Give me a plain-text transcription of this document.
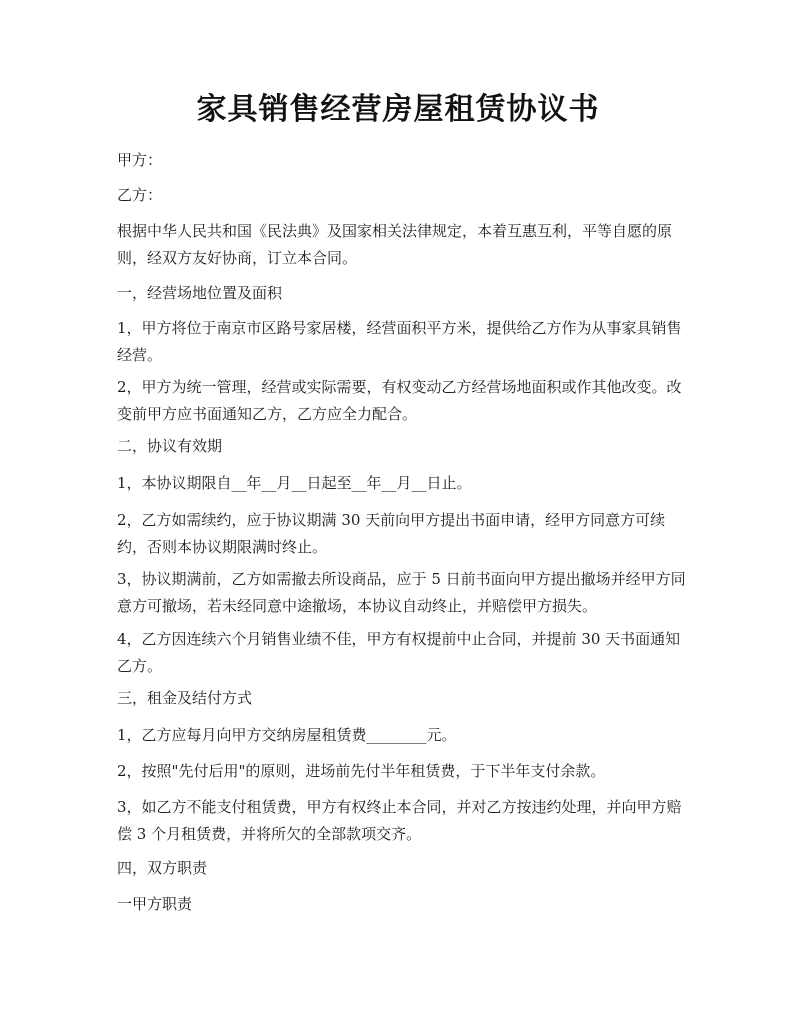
家具销售经营房屋租赁协议书

甲方：

乙方：

根据中华人民共和国《民法典》及国家相关法律规定，本着互惠互利，平等自愿的原则，经双方友好协商，订立本合同。

一，经营场地位置及面积

1，甲方将位于南京市区路号家居楼，经营面积平方米，提供给乙方作为从事家具销售经营。

2，甲方为统一管理，经营或实际需要，有权变动乙方经营场地面积或作其他改变。改变前甲方应书面通知乙方，乙方应全力配合。

二，协议有效期

1，本协议期限自__年__月__日起至__年__月__日止。

2，乙方如需续约，应于协议期满 30 天前向甲方提出书面申请，经甲方同意方可续约，否则本协议期限满时终止。

3，协议期满前，乙方如需撤去所设商品，应于 5 日前书面向甲方提出撤场并经甲方同意方可撤场，若未经同意中途撤场，本协议自动终止，并赔偿甲方损失。

4，乙方因连续六个月销售业绩不佳，甲方有权提前中止合同，并提前 30 天书面通知乙方。

三，租金及结付方式

1，乙方应每月向甲方交纳房屋租赁费________元。

2，按照"先付后用"的原则，进场前先付半年租赁费，于下半年支付余款。

3，如乙方不能支付租赁费，甲方有权终止本合同，并对乙方按违约处理，并向甲方赔偿 3 个月租赁费，并将所欠的全部款项交齐。

四，双方职责

一甲方职责
